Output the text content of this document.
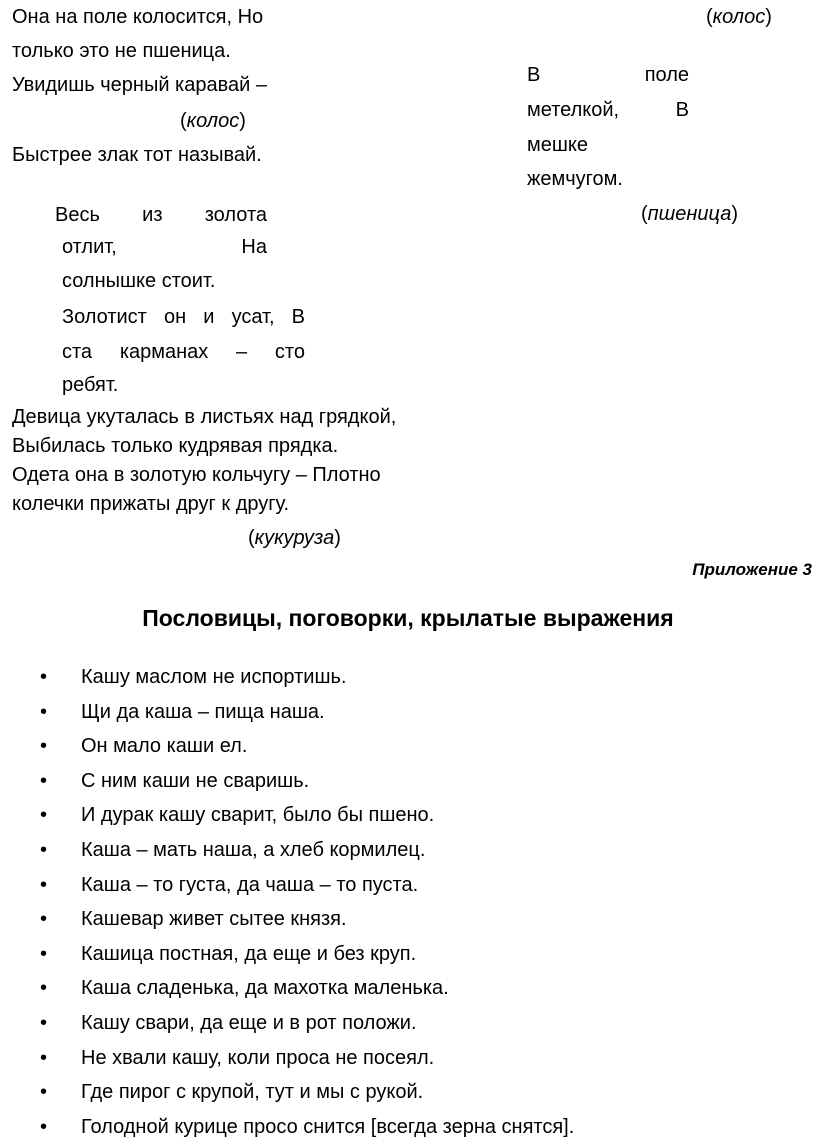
Она на поле колосится, Но
только это не пшеница.
Увидишь черный каравай –
(колос)
Быстрее злак тот называй.
(колос)
В	поле
метелкой,	В
мешке
жемчугом.
(пшеница)
Весь из золота
отлит,	На
солнышке стоит.
Золотист он и усат, В
ста карманах – сто
ребят.
Девица укуталась в листьях над грядкой,
Выбилась только кудрявая прядка.
Одета она в золотую кольчугу – Плотно
колечки прижаты друг к другу.
(кукуруза)
Приложение 3
Пословицы, поговорки, крылатые выражения
•	Кашу маслом не испортишь.
•	Щи да каша – пища наша.
•	Он мало каши ел.
•	С ним каши не сваришь.
•	И дурак кашу сварит, было бы пшено.
•	Каша – мать наша, а хлеб кормилец.
•	Каша – то густа, да чаша – то пуста.
•	Кашевар живет сытее князя.
•	Кашица постная, да еще и без круп.
•	Каша сладенька, да махотка маленька.
•	Кашу свари, да еще и в рот положи.
•	Не хвали кашу, коли проса не посеял.
•	Где пирог с крупой, тут и мы с рукой.
•	Голодной курице просо снится [всегда зерна снятся].
